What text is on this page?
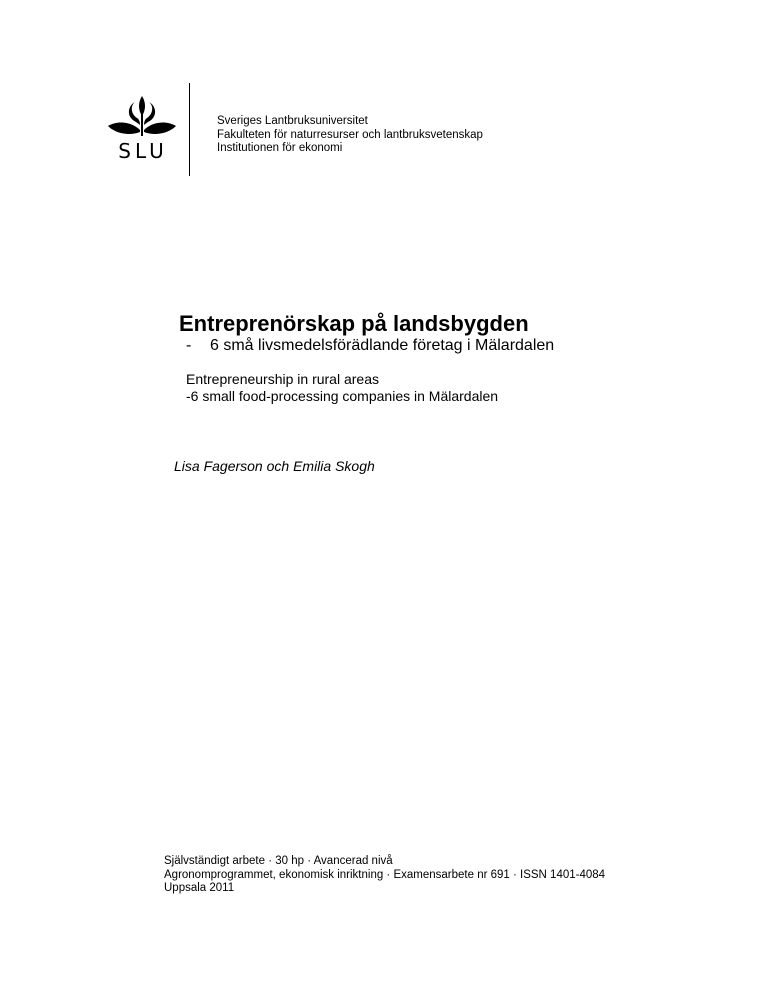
SLU
Sveriges Lantbruksuniversitet
Fakulteten för naturresurser och lantbruksvetenskap
Institutionen för ekonomi
Entreprenörskap på landsbygden
- 6 små livsmedelsförädlande företag i Mälardalen
Entrepreneurship in rural areas
-6 small food-processing companies in Mälardalen
Lisa Fagerson och Emilia Skogh
Självständigt arbete · 30 hp · Avancerad nivå
Agronomprogrammet, ekonomisk inriktning · Examensarbete nr 691 · ISSN 1401-4084
Uppsala 2011
